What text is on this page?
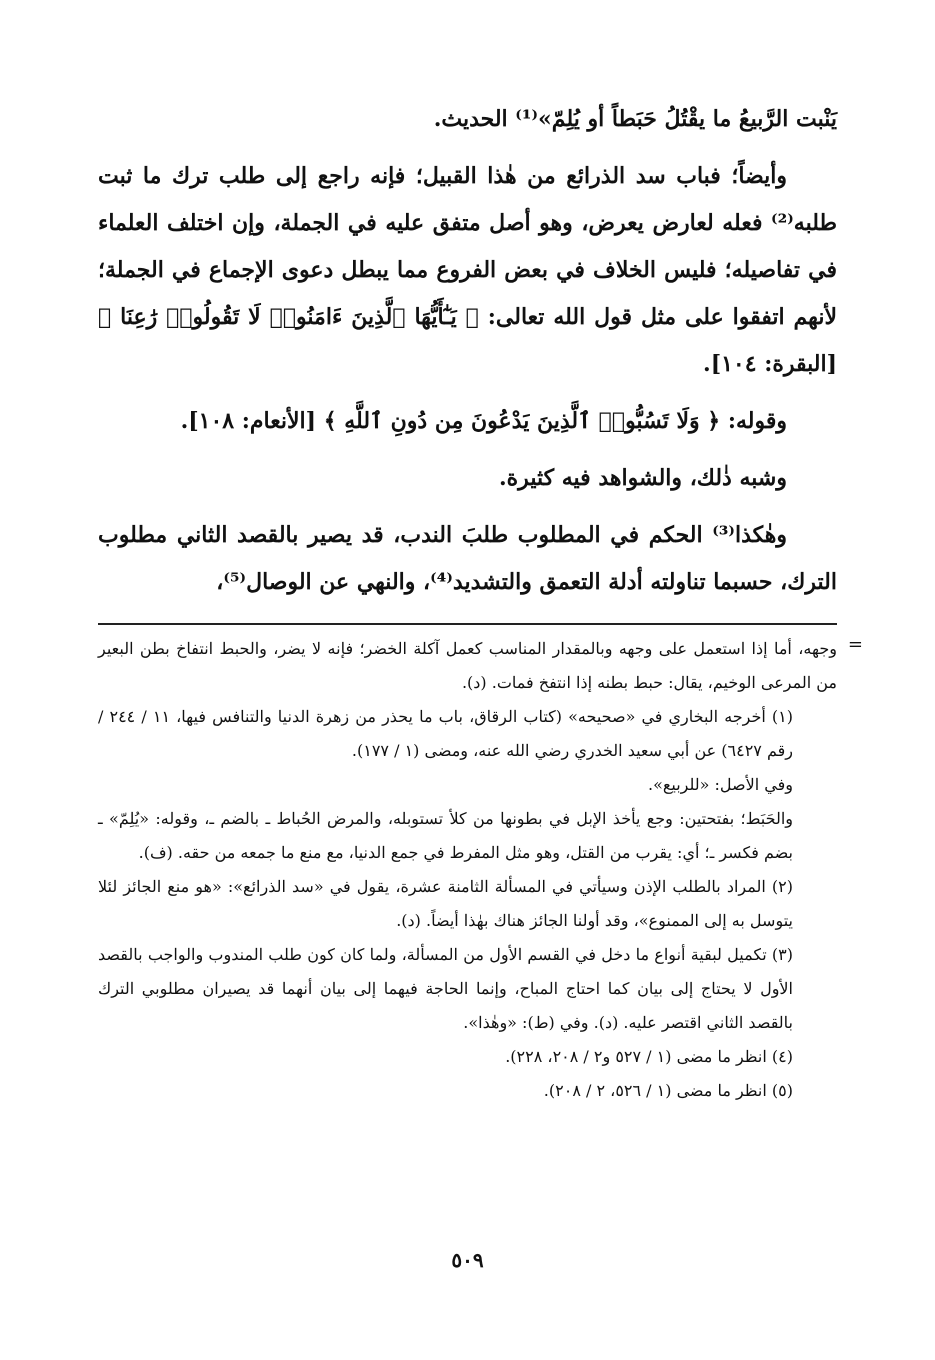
يَنْبت الرَّبيعُ ما يقْتُلُ حَبَطاً أو يُلِمّ»⁽¹⁾ الحديث.

وأيضاً؛ فباب سد الذرائع من هٰذا القبيل؛ فإنه راجع إلى طلب ترك ما ثبت طلبه⁽²⁾ فعله لعارض يعرض، وهو أصل متفق عليه في الجملة، وإن اختلف العلماء في تفاصيله؛ فليس الخلاف في بعض الفروع مما يبطل دعوى الإجماع في الجملة؛ لأنهم اتفقوا على مثل قول الله تعالى: ﴿ يَـٰٓأَيُّهَا ٱلَّذِينَ ءَامَنُوا۟ لَا تَقُولُوا۟ رَٰعِنَا ﴾ [البقرة: ١٠٤].

وقوله: ﴿ وَلَا تَسُبُّوا۟ ٱلَّذِينَ يَدْعُونَ مِن دُونِ ٱللَّهِ ﴾ [الأنعام: ١٠٨].

وشبه ذٰلك، والشواهد فيه كثيرة.

وهٰكذا⁽³⁾ الحكم في المطلوب طلبَ الندب، قد يصير بالقصد الثاني مطلوب الترك، حسبما تناولته أدلة التعمق والتشديد⁽⁴⁾، والنهي عن الوصال⁽⁵⁾،

=

وجهه، أما إذا استعمل على وجهه وبالمقدار المناسب كعمل آكلة الخضر؛ فإنه لا يضر، والحبط انتفاخ بطن البعير من المرعى الوخيم، يقال: حبط بطنه إذا انتفخ فمات. (د).

(١) أخرجه البخاري في «صحيحه» (كتاب الرقاق، باب ما يحذر من زهرة الدنيا والتنافس فيها، ١١ / ٢٤٤ / رقم ٦٤٢٧) عن أبي سعيد الخدري رضي الله عنه، ومضى (١ / ١٧٧).

وفي الأصل: «للربيع».

والحَبَط؛ بفتحتين: وجع يأخذ الإبل في بطونها من كلأ تستوبله، والمرض الحُباط ـ بالضم ـ، وقوله: «يُلِمّ» ـ بضم فكسر ـ؛ أي: يقرب من القتل، وهو مثل المفرط في جمع الدنيا، مع منع ما جمعه من حقه. (ف).

(٢) المراد بالطلب الإذن وسيأتي في المسألة الثامنة عشرة، يقول في «سد الذرائع»: «هو منع الجائز لئلا يتوسل به إلى الممنوع»، وقد أولنا الجائز هناك بهٰذا أيضاً. (د).

(٣) تكميل لبقية أنواع ما دخل في القسم الأول من المسألة، ولما كان كون طلب المندوب والواجب بالقصد الأول لا يحتاج إلى بيان كما احتاج المباح، وإنما الحاجة فيهما إلى بيان أنهما قد يصيران مطلوبي الترك بالقصد الثاني اقتصر عليه. (د). وفي (ط): «وهٰذا».

(٤) انظر ما مضى (١ / ٥٢٧ و٢ / ٢٠٨، ٢٢٨).

(٥) انظر ما مضى (١ / ٥٢٦، ٢ / ٢٠٨).

٥٠٩
